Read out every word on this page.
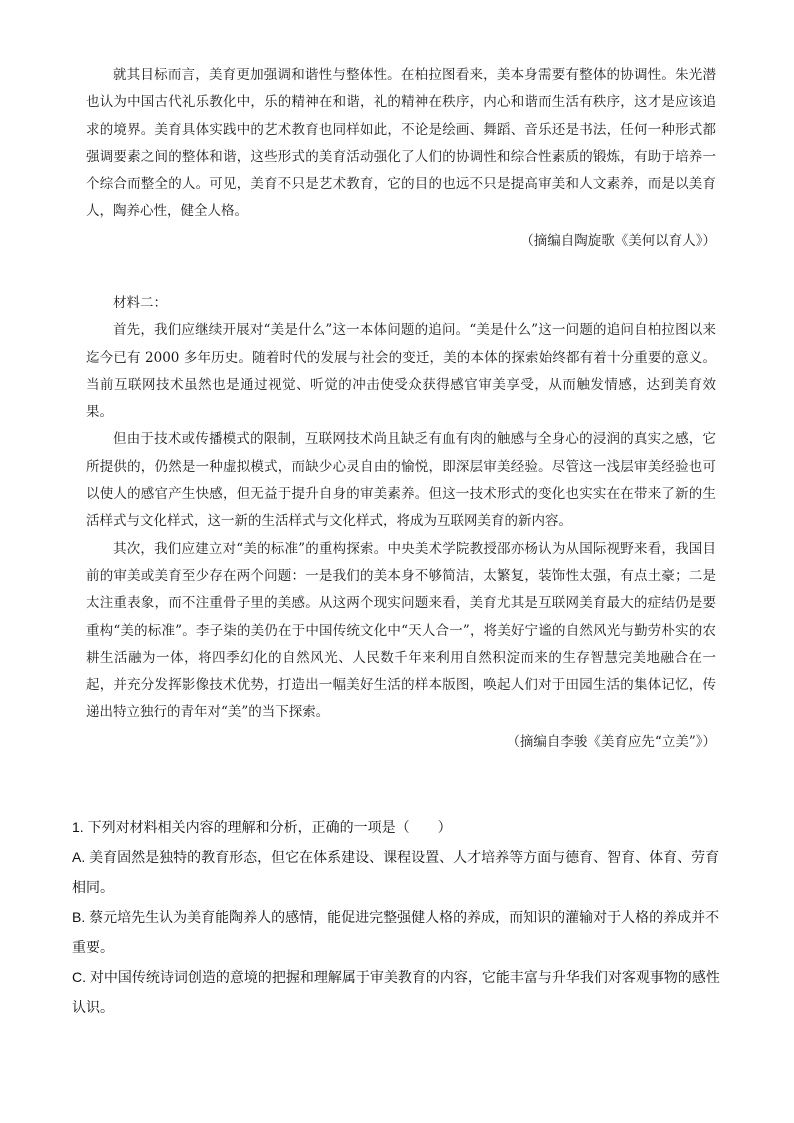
就其目标而言，美育更加强调和谐性与整体性。在柏拉图看来，美本身需要有整体的协调性。朱光潜也认为中国古代礼乐教化中，乐的精神在和谐，礼的精神在秩序，内心和谐而生活有秩序，这才是应该追求的境界。美育具体实践中的艺术教育也同样如此，不论是绘画、舞蹈、音乐还是书法，任何一种形式都强调要素之间的整体和谐，这些形式的美育活动强化了人们的协调性和综合性素质的锻炼，有助于培养一个综合而整全的人。可见，美育不只是艺术教育，它的目的也远不只是提高审美和人文素养，而是以美育人，陶养心性，健全人格。

（摘编自陶旋歌《美何以育人》）

材料二：

首先，我们应继续开展对“美是什么”这一本体问题的追问。“美是什么”这一问题的追问自柏拉图以来迄今已有 2000 多年历史。随着时代的发展与社会的变迁，美的本体的探索始终都有着十分重要的意义。当前互联网技术虽然也是通过视觉、听觉的冲击使受众获得感官审美享受，从而触发情感，达到美育效果。

但由于技术或传播模式的限制，互联网技术尚且缺乏有血有肉的触感与全身心的浸润的真实之感，它所提供的，仍然是一种虚拟模式，而缺少心灵自由的愉悦，即深层审美经验。尽管这一浅层审美经验也可以使人的感官产生快感，但无益于提升自身的审美素养。但这一技术形式的变化也实实在在带来了新的生活样式与文化样式，这一新的生活样式与文化样式，将成为互联网美育的新内容。

其次，我们应建立对“美的标准”的重构探索。中央美术学院教授邵亦杨认为从国际视野来看，我国目前的审美或美育至少存在两个问题：一是我们的美本身不够简洁，太繁复，装饰性太强，有点土豪；二是太注重表象，而不注重骨子里的美感。从这两个现实问题来看，美育尤其是互联网美育最大的症结仍是要重构“美的标准”。李子柒的美仍在于中国传统文化中“天人合一”，将美好宁谧的自然风光与勤劳朴实的农耕生活融为一体，将四季幻化的自然风光、人民数千年来利用自然积淀而来的生存智慧完美地融合在一起，并充分发挥影像技术优势，打造出一幅美好生活的样本版图，唤起人们对于田园生活的集体记忆，传递出特立独行的青年对“美”的当下探索。

（摘编自李骏《美育应先“立美”》）

1. 下列对材料相关内容的理解和分析，正确的一项是（　　）

A. 美育固然是独特的教育形态，但它在体系建设、课程设置、人才培养等方面与德育、智育、体育、劳育相同。

B. 蔡元培先生认为美育能陶养人的感情，能促进完整强健人格的养成，而知识的灌输对于人格的养成并不重要。

C. 对中国传统诗词创造的意境的把握和理解属于审美教育的内容，它能丰富与升华我们对客观事物的感性认识。
